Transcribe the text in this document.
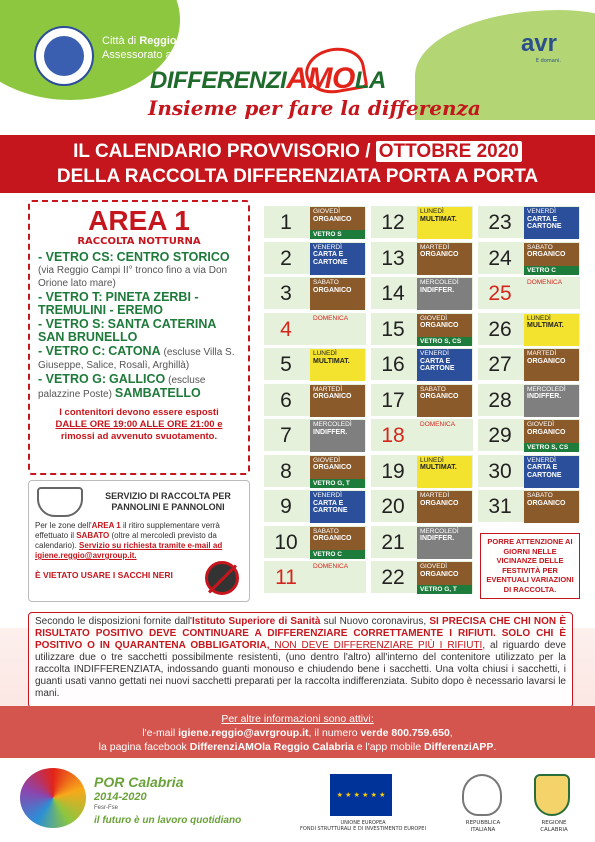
Città di Reggio Calabria
Assessorato all'Ambiente	avr
E domani.
DIFFERENZIAMOLA
Insieme per fare la differenza
IL CALENDARIO PROVVISORIO / OTTOBRE 2020
DELLA RACCOLTA DIFFERENZIATA PORTA A PORTA
AREA 1
RACCOLTA NOTTURNA
- VETRO CS: CENTRO STORICO (via Reggio Campi II° tronco fino a via Don Orione lato mare)
- VETRO T: PINETA ZERBI - TREMULINI - EREMO
- VETRO S: SANTA CATERINA SAN BRUNELLO
- VETRO C: CATONA (escluse Villa S. Giuseppe, Salice, Rosalì, Arghillà)
- VETRO G: GALLICO (escluse palazzine Poste) SAMBATELLO
I contenitori devono essere esposti
DALLE ORE 19:00 ALLE ORE 21:00 e
rimossi ad avvenuto svuotamento.
SERVIZIO DI RACCOLTA PER PANNOLINI E PANNOLONI
Per le zone dell'AREA 1 il ritiro supplementare verrà effettuato il SABATO (oltre al mercoledì previsto da calendario). Servizio su richiesta tramite e-mail ad igiene.reggio@avrgroup.it.
È VIETATO USARE I SACCHI NERI
1	GIOVEDÌ
ORGANICO
VETRO S
2	VENERDÌ
CARTA E CARTONE
3	SABATO
ORGANICO
4	DOMENICA
5	LUNEDÌ
MULTIMAT.
6	MARTEDÌ
ORGANICO
7	MERCOLEDÌ
INDIFFER.
8	GIOVEDÌ
ORGANICO
VETRO G, T
9	VENERDÌ
CARTA E CARTONE
10	SABATO
ORGANICO
VETRO C
11	DOMENICA
12	LUNEDÌ
MULTIMAT.
13	MARTEDÌ
ORGANICO
14	MERCOLEDÌ
INDIFFER.
15	GIOVEDÌ
ORGANICO
VETRO S, CS
16	VENERDÌ
CARTA E CARTONE
17	SABATO
ORGANICO
18	DOMENICA
19	LUNEDÌ
MULTIMAT.
20	MARTEDÌ
ORGANICO
21	MERCOLEDÌ
INDIFFER.
22	GIOVEDÌ
ORGANICO
VETRO G, T
23	VENERDÌ
CARTA E CARTONE
24	SABATO
ORGANICO
VETRO C
25	DOMENICA
26	LUNEDÌ
MULTIMAT.
27	MARTEDÌ
ORGANICO
28	MERCOLEDÌ
INDIFFER.
29	GIOVEDÌ
ORGANICO
VETRO S, CS
30	VENERDÌ
CARTA E CARTONE
31	SABATO
ORGANICO
PORRE ATTENZIONE AI GIORNI NELLE VICINANZE DELLE FESTIVITÀ PER EVENTUALI VARIAZIONI DI RACCOLTA.
Secondo le disposizioni fornite dall'Istituto Superiore di Sanità sul Nuovo coronavirus, SI PRECISA CHE CHI NON È RISULTATO POSITIVO DEVE CONTINUARE A DIFFERENZIARE CORRETTAMENTE I RIFIUTI. SOLO CHI È POSITIVO O IN QUARANTENA OBBLIGATORIA, NON DEVE DIFFERENZIARE PIÙ I RIFIUTI, al riguardo deve utilizzare due o tre sacchetti possibilmente resistenti, (uno dentro l'altro) all'interno del contenitore utilizzato per la raccolta INDIFFERENZIATA, indossando guanti monouso e chiudendo bene i sacchetti. Una volta chiusi i sacchetti, i guanti usati vanno gettati nei nuovi sacchetti preparati per la raccolta indifferenziata. Subito dopo è necessario lavarsi le mani.
Per altre informazioni sono attivi:
l'e-mail igiene.reggio@avrgroup.it, il numero verde 800.759.650,
la pagina facebook DifferenziAMOla Reggio Calabria e l'app mobile DifferenziAPP.
POR Calabria
2014-2020
Fesr-Fse
il futuro è un lavoro quotidiano
★ ★ ★ ★ ★ ★
UNIONE EUROPEA
FONDI STRUTTURALI E DI INVESTIMENTO EUROPEI
REPUBBLICA
ITALIANA
REGIONE
CALABRIA
